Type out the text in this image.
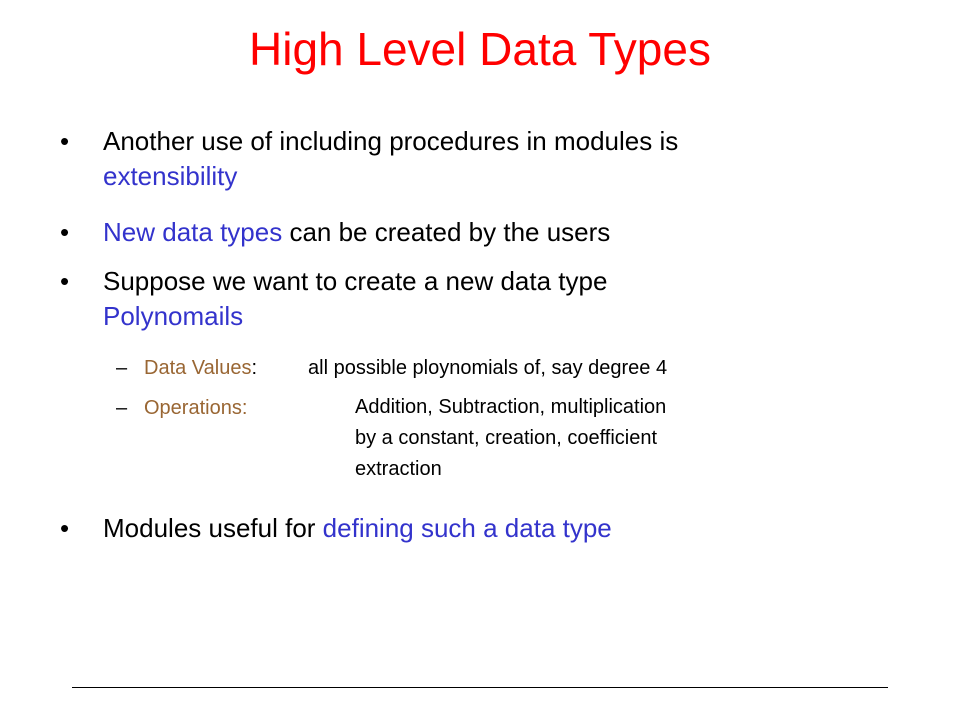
High Level Data Types
•	Another use of including procedures in modules is
extensibility
•	New data types can be created by the users
•	Suppose we want to create a new data type
Polynomails
– Data Values:	all possible ploynomials of, say degree 4
– Operations:	Addition, Subtraction, multiplication
by a constant, creation, coefficient
extraction
•	Modules useful for defining such a data type
